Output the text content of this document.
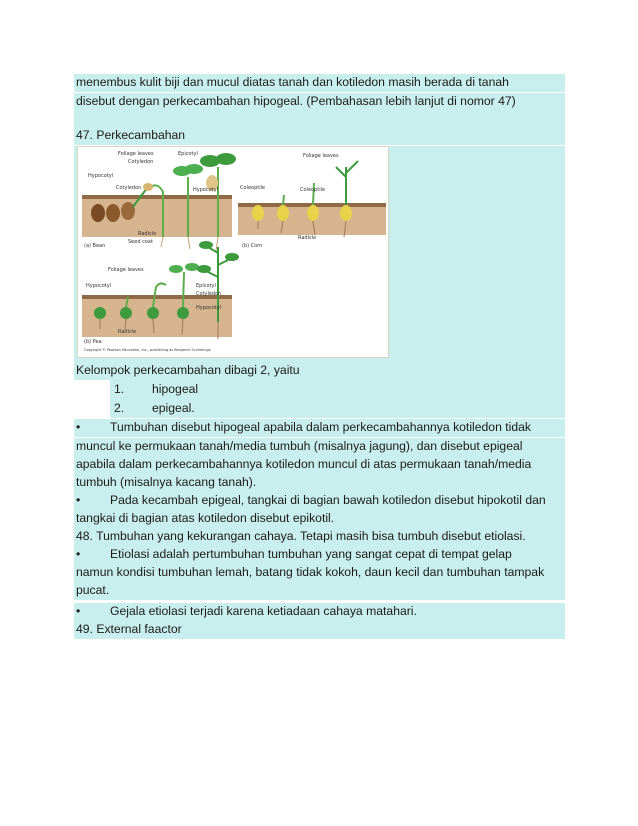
menembus kulit biji dan mucul diatas tanah dan kotiledon masih berada di tanah
disebut dengan perkecambahan hipogeal. (Pembahasan lebih lanjut di nomor 47)
47. Perkecambahan
Foliage leaves
Cotyledon
Epicotyl
Hypocotyl
Cotyledon	Hypocotyl
Radicle
Seed coat
(a) Bean
Foliage leaves
Coleoptile	Coleoptile
Radicle
(b) Corn
Foliage leaves
Hypocotyl	Epicotyl
Cotyledon
Hypocotyl
Radicle
(b) Pea
Copyright © Pearson Education, Inc., publishing as Benjamin Cummings
Kelompok perkecambahan dibagi 2, yaitu
1. hipogeal
2. epigeal.
• Tumbuhan disebut hipogeal apabila dalam perkecambahannya kotiledon tidak
muncul ke permukaan tanah/media tumbuh (misalnya jagung), dan disebut epigeal
apabila dalam perkecambahannya kotiledon muncul di atas permukaan tanah/media
tumbuh (misalnya kacang tanah).
• Pada kecambah epigeal, tangkai di bagian bawah kotiledon disebut hipokotil dan
tangkai di bagian atas kotiledon disebut epikotil.
48. Tumbuhan yang kekurangan cahaya. Tetapi masih bisa tumbuh disebut etiolasi.
• Etiolasi adalah pertumbuhan tumbuhan yang sangat cepat di tempat gelap
namun kondisi tumbuhan lemah, batang tidak kokoh, daun kecil dan tumbuhan tampak
pucat.
• Gejala etiolasi terjadi karena ketiadaan cahaya matahari.
49. External faactor
